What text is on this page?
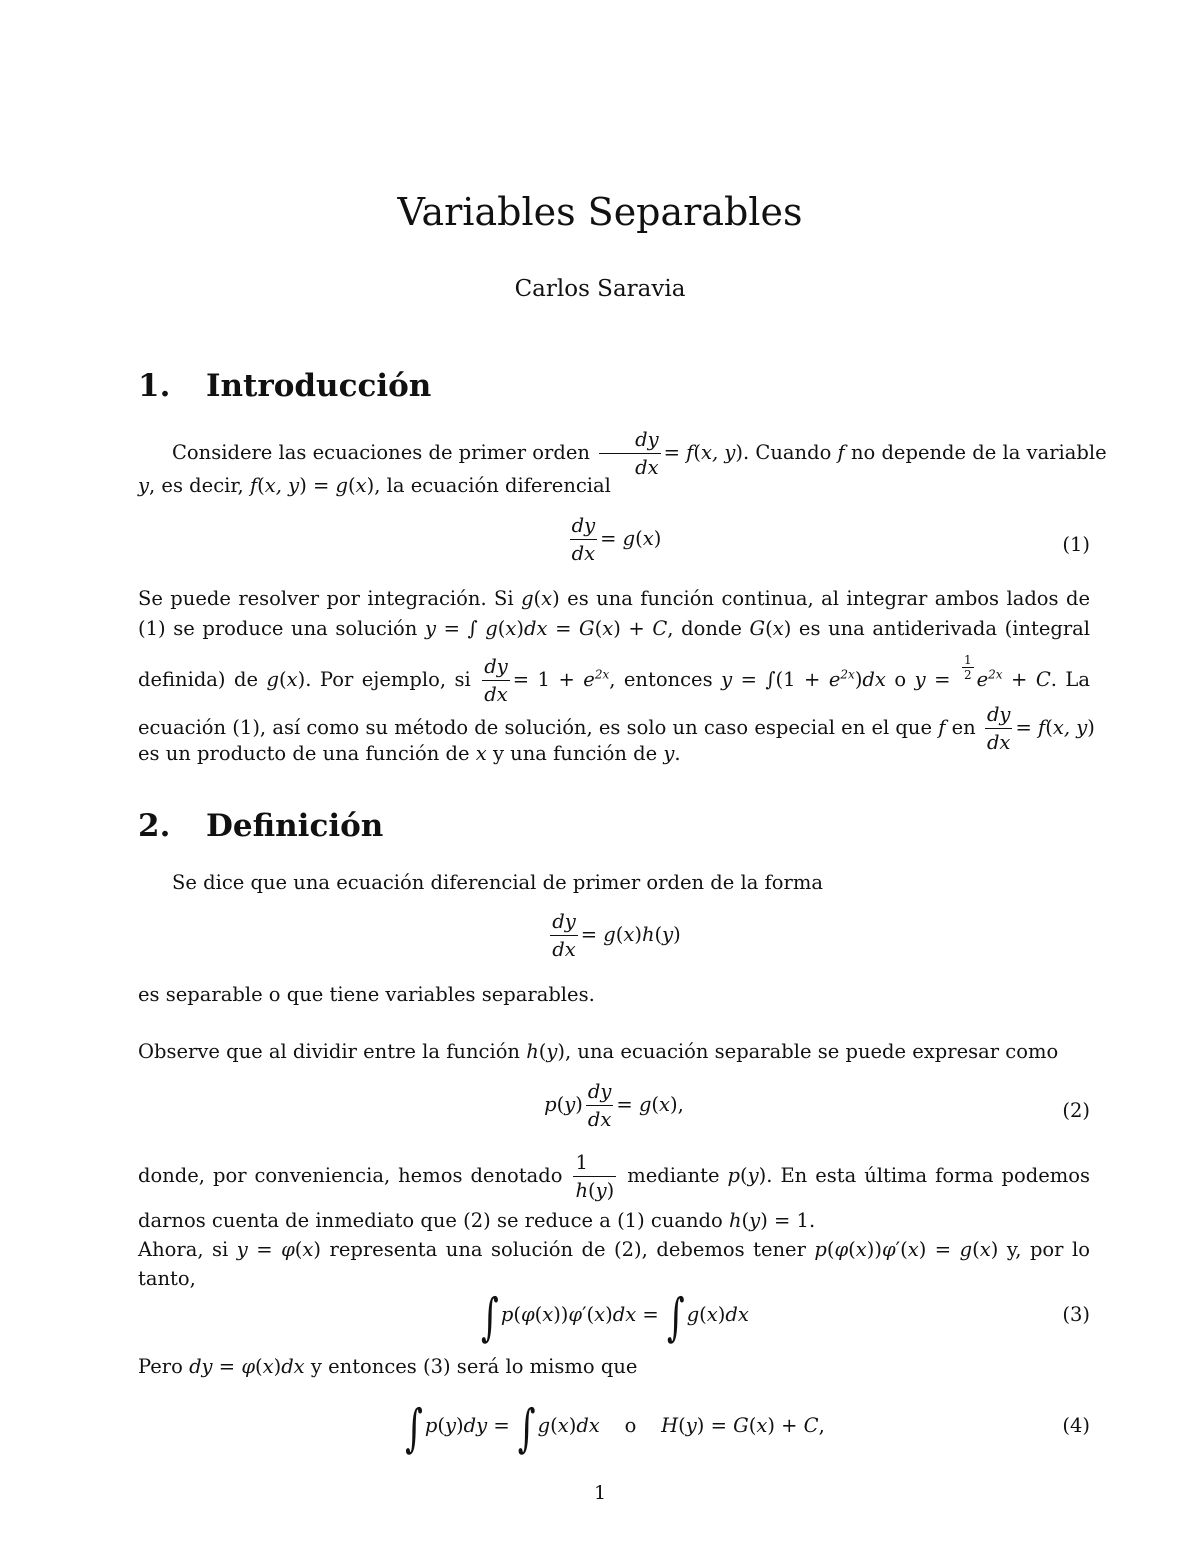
Variables Separables
Carlos Saravia
1. Introducción
Considere las ecuaciones de primer orden $\frac{dy}{dx} = f(x$, y). Cuando f no depende de la variable
y, es decir, f(x, y) = g(x), la ecuación diferencial
$\frac{dy}{dx} = g(x)$	(1)
Se puede resolver por integración. Si g(x) es una función continua, al integrar ambos lados de
(1) se produce una solución y = ∫ g(x)dx = G(x) + C, donde G(x) es una antiderivada (integral
definida) de g(x). Por ejemplo, si $\frac{dy}{dx} = 1 + e^{2x}$, entonces $y = \int(1 + e^{2x})dx$ o $y = \frac{1}{2} e^{2x} + C$. La
ecuación (1), así como su método de solución, es solo un caso especial en el que f en $\frac{dy}{dx} = f(x$, y)
es un producto de una función de x y una función de y.
2. Definición
Se dice que una ecuación diferencial de primer orden de la forma
$\frac{dy}{dx} = g(x)h(y)$
es separable o que tiene variables separables.
Observe que al dividir entre la función h(y), una ecuación separable se puede expresar como
$p(y) \frac{dy}{dx} = g(x)$,	(2)
donde, por conveniencia, hemos denotado $\frac{1}{h(y)}$ mediante p(y). En esta última forma podemos
darnos cuenta de inmediato que (2) se reduce a (1) cuando h(y) = 1.
Ahora, si y = φ(x) representa una solución de (2), debemos tener p(φ(x))φ′(x) = g(x) y, por lo
tanto,
∫ p(φ(x))φ′(x)dx = ∫ g(x)dx	(3)
Pero dy = φ(x)dx y entonces (3) será lo mismo que
∫ p(y)dy = ∫ g(x)dx o H(y) = G(x) + C,	(4)
1
